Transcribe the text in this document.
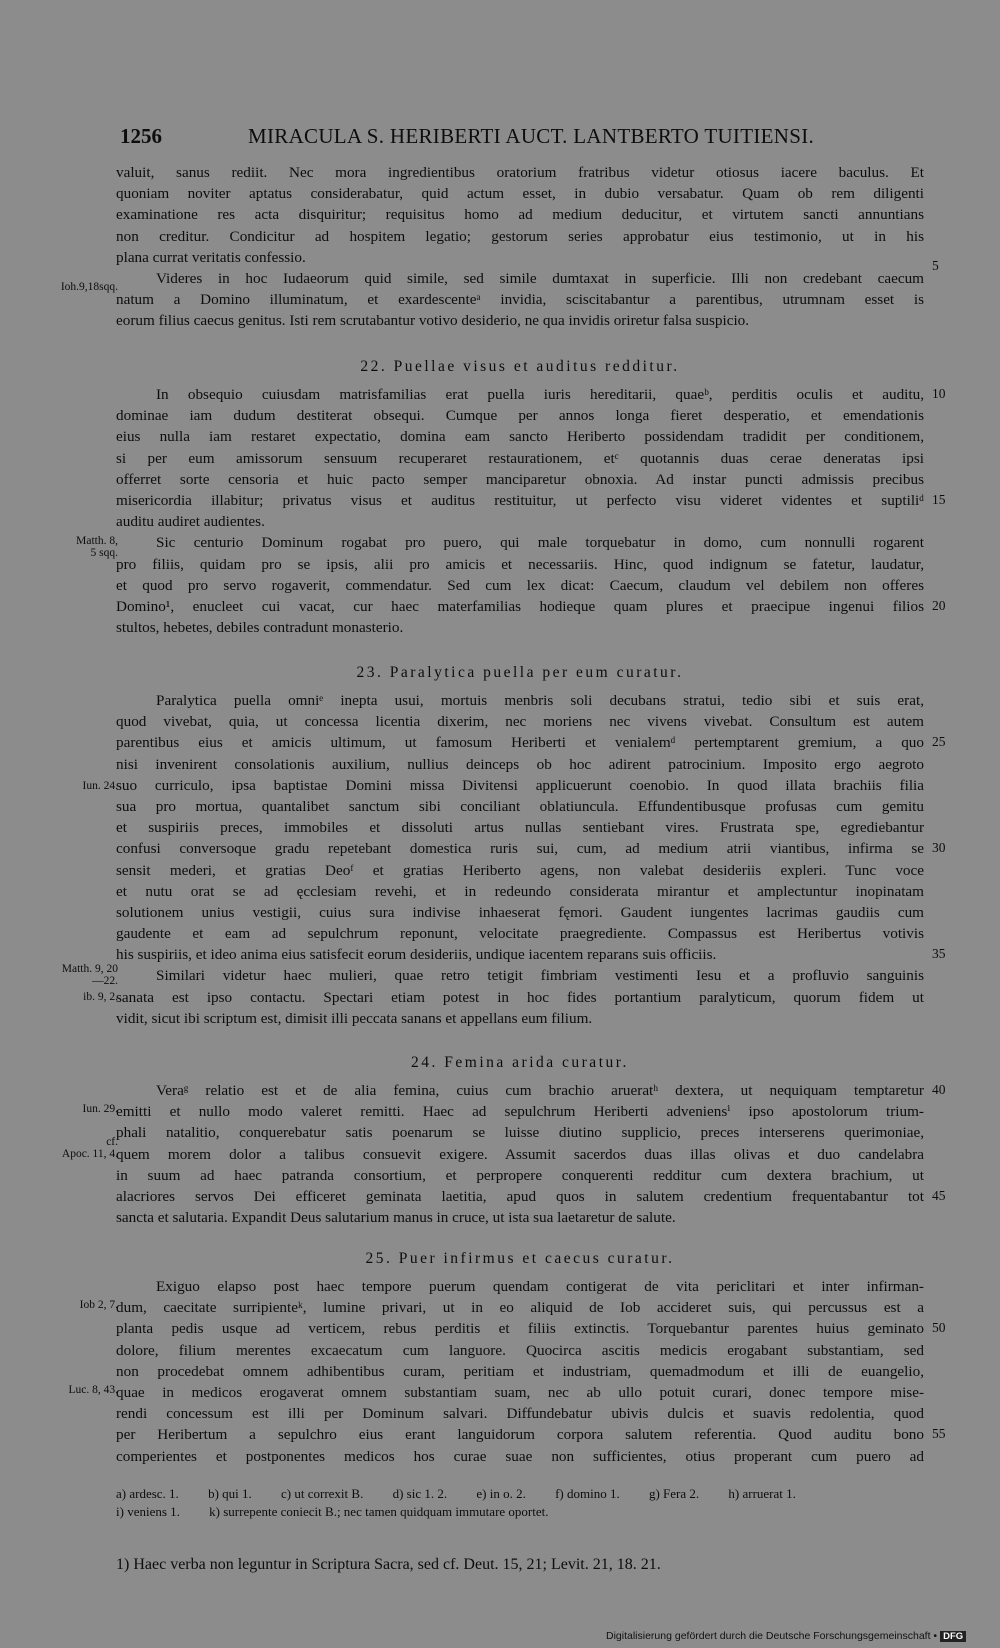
1256	MIRACULA S. HERIBERTI AUCT. LANTBERTO TUITIENSI.
valuit, sanus rediit. Nec mora ingredientibus oratorium fratribus videtur otiosus iacere baculus. Et
quoniam noviter aptatus considerabatur, quid actum esset, in dubio versabatur. Quam ob rem diligenti
examinatione res acta disquiritur; requisitus homo ad medium deducitur, et virtutem sancti annuntians
non creditur. Condicitur ad hospitem legatio; gestorum series approbatur eius testimonio, ut in his
plana currat veritatis confessio.
Videres in hoc Iudaeorum quid simile, sed simile dumtaxat in superficie. Illi non credebant caecum
natum a Domino illuminatum, et exardescenteᵃ invidia, sciscitabantur a parentibus, utrumnam esset is
eorum filius caecus genitus. Isti rem scrutabantur votivo desiderio, ne qua invidis oriretur falsa suspicio.
22. Puellae visus et auditus redditur.
In obsequio cuiusdam matrisfamilias erat puella iuris hereditarii, quaeᵇ, perditis oculis et auditu,
dominae iam dudum destiterat obsequi. Cumque per annos longa fieret desperatio, et emendationis
eius nulla iam restaret expectatio, domina eam sancto Heriberto possidendam tradidit per conditionem,
si per eum amissorum sensuum recuperaret restaurationem, etᶜ quotannis duas cerae deneratas ipsi
offerret sorte censoria et huic pacto semper manciparetur obnoxia. Ad instar puncti admissis precibus
misericordia illabitur; privatus visus et auditus restituitur, ut perfecto visu videret videntes et suptiliᵈ
auditu audiret audientes.
Sic centurio Dominum rogabat pro puero, qui male torquebatur in domo, cum nonnulli rogarent
pro filiis, quidam pro se ipsis, alii pro amicis et necessariis. Hinc, quod indignum se fatetur, laudatur,
et quod pro servo rogaverit, commendatur. Sed cum lex dicat: Caecum, claudum vel debilem non offeres
Domino¹, enucleet cui vacat, cur haec materfamilias hodieque quam plures et praecipue ingenui filios
stultos, hebetes, debiles contradunt monasterio.
23. Paralytica puella per eum curatur.
Paralytica puella omniᵉ inepta usui, mortuis menbris soli decubans stratui, tedio sibi et suis erat,
quod vivebat, quia, ut concessa licentia dixerim, nec moriens nec vivens vivebat. Consultum est autem
parentibus eius et amicis ultimum, ut famosum Heriberti et venialemᵈ pertemptarent gremium, a quo
nisi invenirent consolationis auxilium, nullius deinceps ob hoc adirent patrocinium. Imposito ergo aegroto
suo curriculo, ipsa baptistae Domini missa Divitensi applicuerunt coenobio. In quod illata brachiis filia
sua pro mortua, quantalibet sanctum sibi conciliant oblatiuncula. Effundentibusque profusas cum gemitu
et suspiriis preces, immobiles et dissoluti artus nullas sentiebant vires. Frustrata spe, egrediebantur
confusi conversoque gradu repetebant domestica ruris sui, cum, ad medium atrii viantibus, infirma se
sensit mederi, et gratias Deoᶠ et gratias Heriberto agens, non valebat desideriis expleri. Tunc voce
et nutu orat se ad ęcclesiam revehi, et in redeundo considerata mirantur et amplectuntur inopinatam
solutionem unius vestigii, cuius sura indivise inhaeserat fęmori. Gaudent iungentes lacrimas gaudiis cum
gaudente et eam ad sepulchrum reponunt, velocitate praegrediente. Compassus est Heribertus votivis
his suspiriis, et ideo anima eius satisfecit eorum desideriis, undique iacentem reparans suis officiis.
Similari videtur haec mulieri, quae retro tetigit fimbriam vestimenti Iesu et a profluvio sanguinis
sanata est ipso contactu. Spectari etiam potest in hoc fides portantium paralyticum, quorum fidem ut
vidit, sicut ibi scriptum est, dimisit illi peccata sanans et appellans eum filium.
24. Femina arida curatur.
Veraᵍ relatio est et de alia femina, cuius cum brachio arueratʰ dextera, ut nequiquam temptaretur
emitti et nullo modo valeret remitti. Haec ad sepulchrum Heriberti adveniensⁱ ipso apostolorum trium-
phali natalitio, conquerebatur satis poenarum se luisse diutino supplicio, preces interserens querimoniae,
quem morem dolor a talibus consuevit exigere. Assumit sacerdos duas illas olivas et duo candelabra
in suum ad haec patranda consortium, et perpropere conquerenti redditur cum dextera brachium, ut
alacriores servos Dei efficeret geminata laetitia, apud quos in salutem credentium frequentabantur tot
sancta et salutaria. Expandit Deus salutarium manus in cruce, ut ista sua laetaretur de salute.
25. Puer infirmus et caecus curatur.
Exiguo elapso post haec tempore puerum quendam contigerat de vita periclitari et inter infirman-
dum, caecitate surripienteᵏ, lumine privari, ut in eo aliquid de Iob accideret suis, qui percussus est a
planta pedis usque ad verticem, rebus perditis et filiis extinctis. Torquebantur parentes huius geminato
dolore, filium merentes excaecatum cum languore. Quocirca ascitis medicis erogabant substantiam, sed
non procedebat omnem adhibentibus curam, peritiam et industriam, quemadmodum et illi de euangelio,
quae in medicos erogaverat omnem substantiam suam, nec ab ullo potuit curari, donec tempore mise-
rendi concessum est illi per Dominum salvari. Diffundebatur ubivis dulcis et suavis redolentia, quod
per Heribertum a sepulchro eius erant languidorum corpora salutem referentia. Quod auditu bono
comperientes et postponentes medicos hos curae suae non sufficientes, otius properant cum puero ad
5
10
15
20
25
30
35
40
45
50
55
Ioh.9,18sqq.
Matth. 8,
5 sqq.
Iun. 24.
Matth. 9, 20
—22.
ib. 9, 2.
Iun. 29.
cf.
Apoc. 11, 4.
Iob 2, 7.
Luc. 8, 43.
a) ardesc. 1. b) qui 1. c) ut correxit B. d) sic 1. 2. e) in o. 2. f) domino 1. g) Fera 2. h) arruerat 1.
i) veniens 1. k) surrepente coniecit B.; nec tamen quidquam immutare oportet.
1) Haec verba non leguntur in Scriptura Sacra, sed cf. Deut. 15, 21; Levit. 21, 18. 21.
Digitalisierung gefördert durch die Deutsche Forschungsgemeinschaft • DFG
